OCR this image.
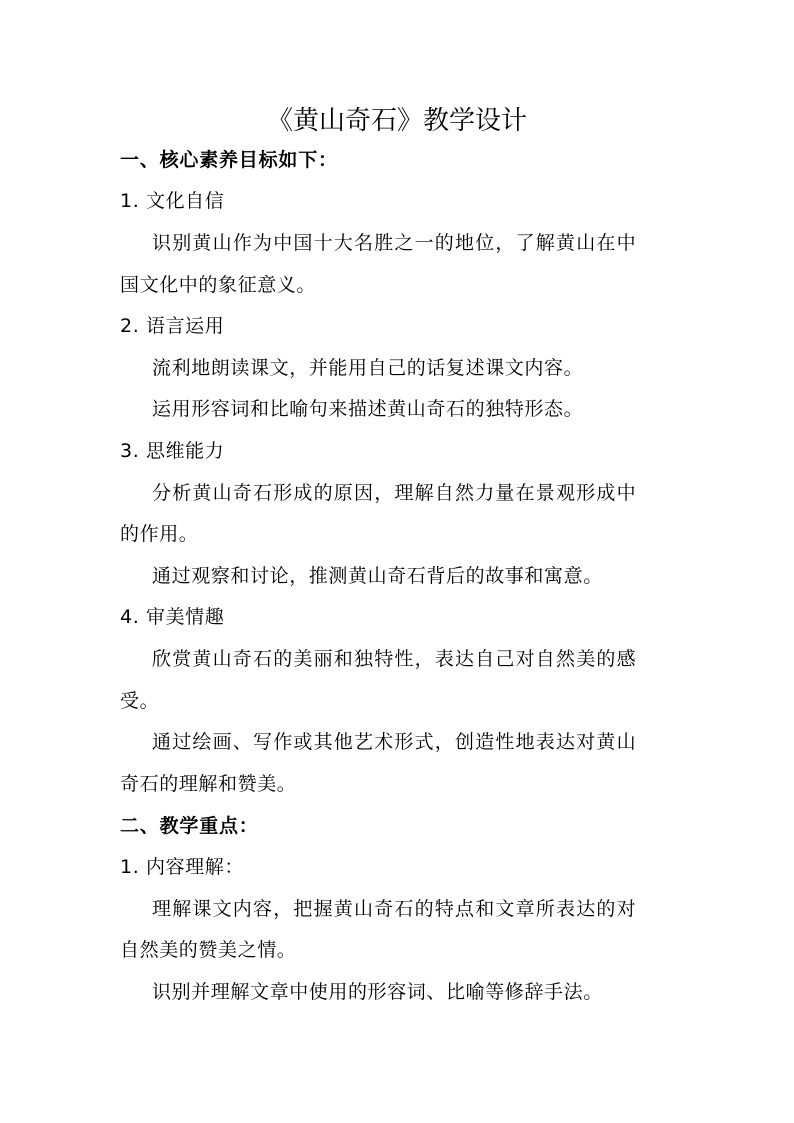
《黄山奇石》教学设计
一、核心素养目标如下：
1. 文化自信
识别黄山作为中国十大名胜之一的地位，了解黄山在中
国文化中的象征意义。
2. 语言运用
流利地朗读课文，并能用自己的话复述课文内容。
运用形容词和比喻句来描述黄山奇石的独特形态。
3. 思维能力
分析黄山奇石形成的原因，理解自然力量在景观形成中
的作用。
通过观察和讨论，推测黄山奇石背后的故事和寓意。
4. 审美情趣
欣赏黄山奇石的美丽和独特性，表达自己对自然美的感
受。
通过绘画、写作或其他艺术形式，创造性地表达对黄山
奇石的理解和赞美。
二、教学重点：
1. 内容理解：
理解课文内容，把握黄山奇石的特点和文章所表达的对
自然美的赞美之情。
识别并理解文章中使用的形容词、比喻等修辞手法。
